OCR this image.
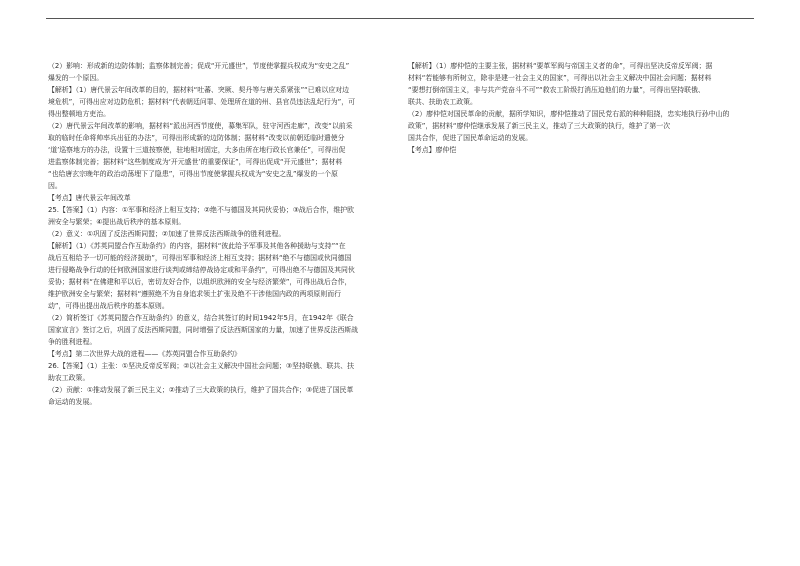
（2）影响：形成新的边防体制；监察体制完善；促成“开元盛世”，节度使掌握兵权成为“安史之乱”
爆发的一个原因。
【解析】（1）唐代景云年间改革的目的，据材料“吐蕃、突厥、契丹等与唐关系紧张”“已难以应对边
境危机”，可得出应对边防危机；据材料“代表朝廷问罪、处理所在道的州、县官员违法乱纪行为”，可
得出整顿地方吏治。
（2）唐代景云年间改革的影响，据材料“派出河西节度使，募集军队，驻守河西走廊”，改变“以前采
取的临时任命将帅率兵出征的办法”，可得出形成新的边防体制；据材料“改变以前朝廷临时遣使分
‘道’巡察地方的办法，设置十三道按察使，驻地相对固定，大多由所在地行政长官兼任”，可得出促
进监察体制完善；据材料“这些制度成为‘开元盛世’的重要保证”，可得出促成“开元盛世”；据材料
“也给唐玄宗晚年的政治动荡埋下了隐患”，可得出节度使掌握兵权成为“安史之乱”爆发的一个原
因。
【考点】唐代景云年间改革
25.【答案】（1）内容：①军事和经济上相互支持；②绝不与德国及其同伙妥协；③战后合作，维护欧
洲安全与繁荣；④提出战后秩序的基本原则。
（2）意义：①巩固了反法西斯同盟；②加速了世界反法西斯战争的胜利进程。
【解析】（1）《苏英同盟合作互助条约》的内容，据材料“彼此给予军事及其他各种援助与支持”“在
战后互相给予一切可能的经济援助”，可得出军事和经济上相互支持；据材料“绝不与德国或伙同德国
进行侵略战争行动的任何欧洲国家进行谈判或缔结停战协定或和平条约”，可得出绝不与德国及其同伙
妥协；据材料“在佛建和平以后，密切友好合作，以组织欧洲的安全与经济繁荣”，可得出战后合作，
维护欧洲安全与繁荣；据材料“遵照绝不为自身追求领土扩张及绝不干涉他国内政的两项原则而行
动”，可得出提出战后秩序的基本原则。
（2）简析签订《苏英同盟合作互助条约》的意义，结合其签订的时间1942年5月，在1942年《联合
国家宣言》签订之后，巩固了反法西斯同盟，同时增强了反法西斯国家的力量，加速了世界反法西斯战
争的胜利进程。
【考点】第二次世界大战的进程——《苏英同盟合作互助条约》
26.【答案】（1）主张：①坚决反帝反军阀；②以社会主义解决中国社会问题；③坚持联俄、联共、扶
助农工政策。
（2）贡献：①推动发展了新三民主义；②推动了三大政策的执行，维护了国共合作；③促进了国民革
命运动的发展。
【解析】（1）廖仲恺的主要主张，据材料“要革军阀与帝国主义者的命”，可得出坚决反帝反军阀；据
材料“若能够有所树立，除非是建一社会主义的国家”，可得出以社会主义解决中国社会问题；据材料
“要想打倒帝国主义，非与共产党奋斗不可”“救农工阶级打消压迫他们的力量”，可得出坚持联俄、
联共、扶助农工政策。
（2）廖仲恺对国民革命的贡献，据所学知识，廖仲恺推动了国民党右派的种种阻挠，忠实地执行孙中山的
政策”，据材料“廖仲恺继承发展了新三民主义，推动了三大政策的执行，维护了第一次
国共合作，促进了国民革命运动的发展。
【考点】廖仲恺
